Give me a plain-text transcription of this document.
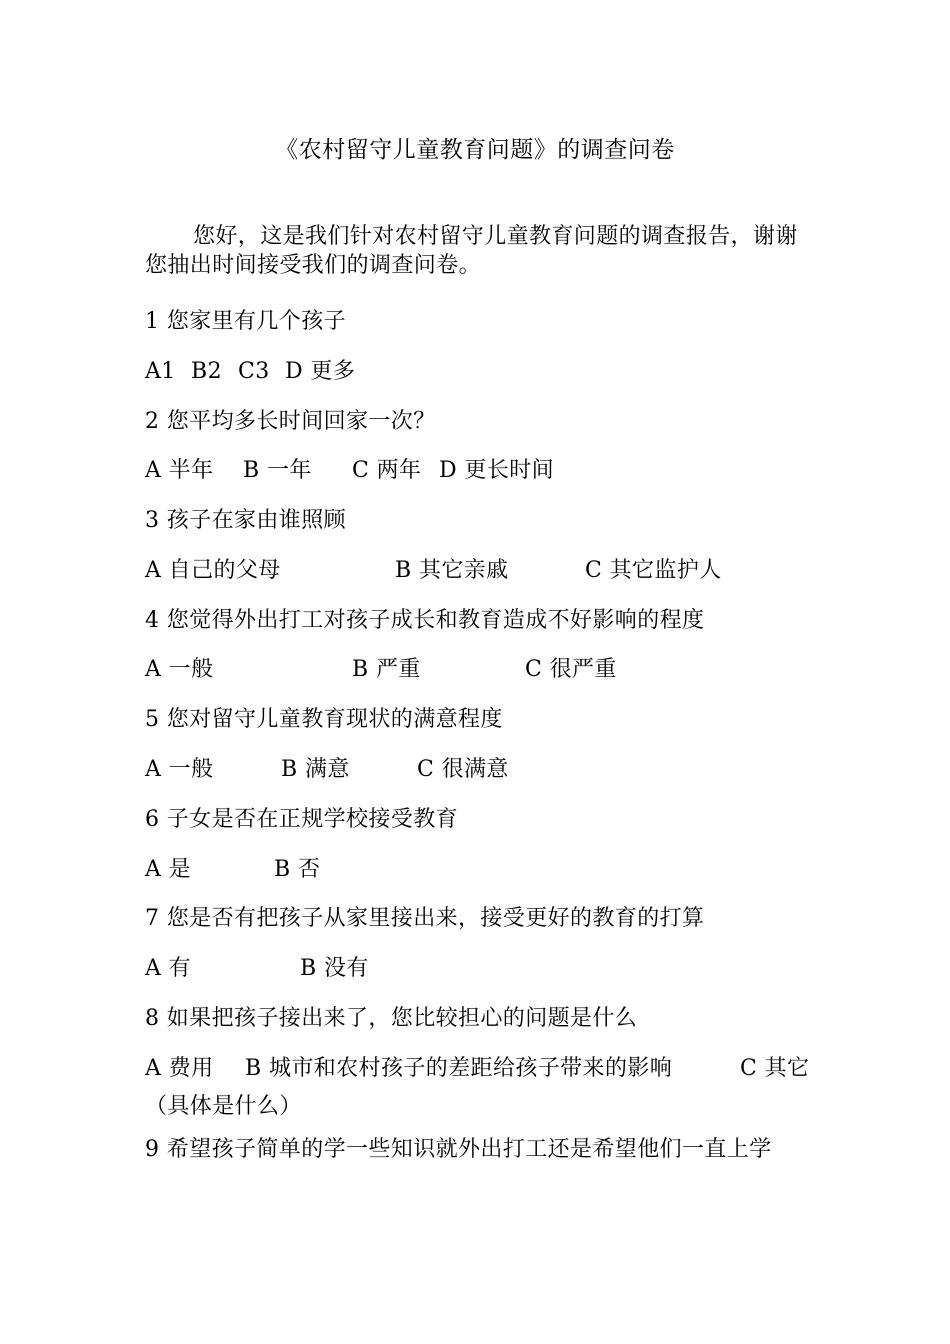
《农村留守儿童教育问题》的调查问卷
您好，这是我们针对农村留守儿童教育问题的调查报告，谢谢您抽出时间接受我们的调查问卷。
1 您家里有几个孩子
A1 B2 C3 D 更多
2 您平均多长时间回家一次？
A 半年 B 一年 C 两年 D 更长时间
3 孩子在家由谁照顾
A 自己的父母	B 其它亲戚	C 其它监护人
4 您觉得外出打工对孩子成长和教育造成不好影响的程度
A 一般	B 严重	C 很严重
5 您对留守儿童教育现状的满意程度
A 一般	B 满意	C 很满意
6 子女是否在正规学校接受教育
A 是	B 否
7 您是否有把孩子从家里接出来，接受更好的教育的打算
A 有	B 没有
8 如果把孩子接出来了，您比较担心的问题是什么
A 费用 B 城市和农村孩子的差距给孩子带来的影响	C 其它
（具体是什么）
9 希望孩子简单的学一些知识就外出打工还是希望他们一直上学
